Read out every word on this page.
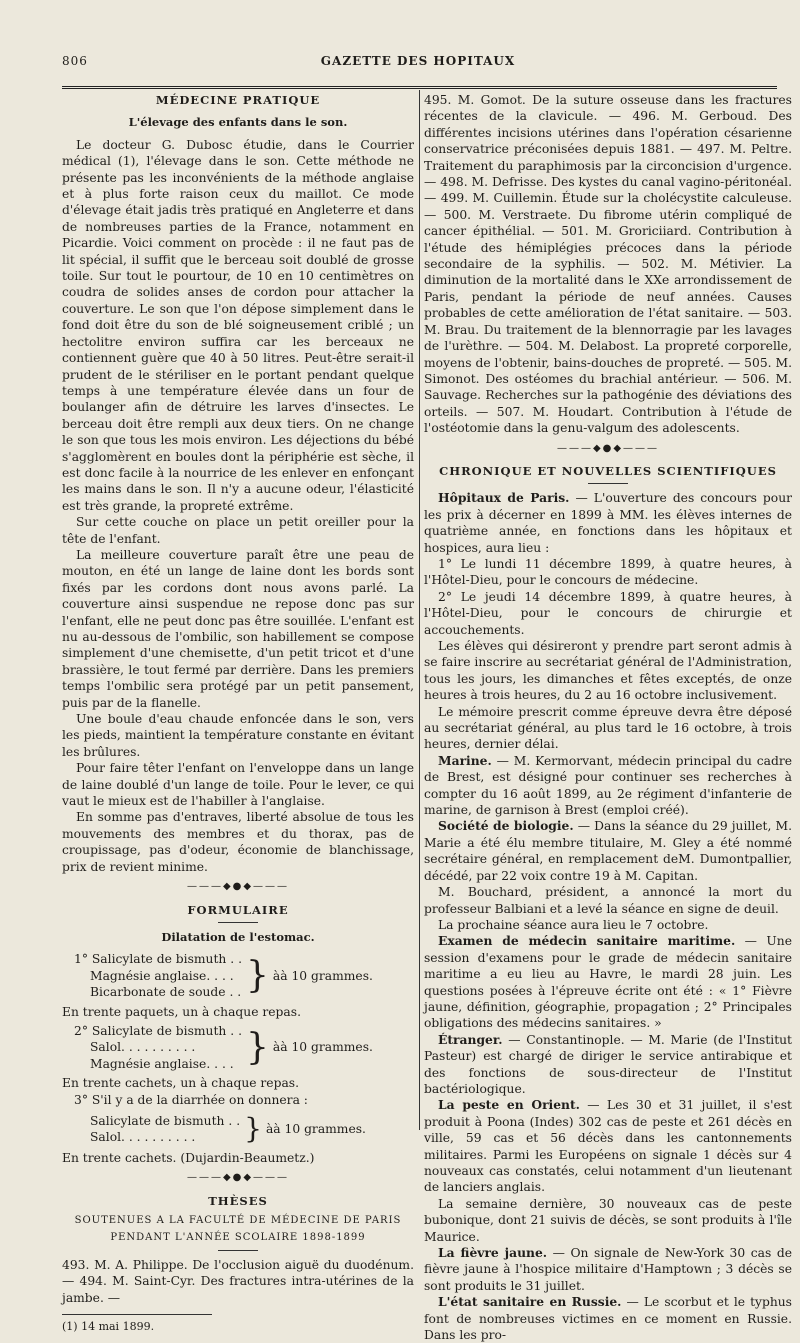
806	GAZETTE DES HOPITAUX
MÉDECINE PRATIQUE
L'élevage des enfants dans le son.

Le docteur G. Dubosc étudie, dans le Courrier médical (1), l'élevage dans le son. Cette méthode ne présente pas les inconvénients de la méthode anglaise et à plus forte raison ceux du maillot. Ce mode d'élevage était jadis très pratiqué en Angleterre et dans de nombreuses parties de la France, notamment en Picardie. Voici comment on procède : il ne faut pas de lit spécial, il suffit que le berceau soit doublé de grosse toile. Sur tout le pourtour, de 10 en 10 centimètres on coudra de solides anses de cordon pour attacher la couverture. Le son que l'on dépose simplement dans le fond doit être du son de blé soigneusement criblé ; un hectolitre environ suffira car les berceaux ne contiennent guère que 40 à 50 litres. Peut-être serait-il prudent de le stériliser en le portant pendant quelque temps à une température élevée dans un four de boulanger afin de détruire les larves d'insectes. Le berceau doit être rempli aux deux tiers. On ne change le son que tous les mois environ. Les déjections du bébé s'agglomèrent en boules dont la périphérie est sèche, il est donc facile à la nourrice de les enlever en enfonçant les mains dans le son. Il n'y a aucune odeur, l'élasticité est très grande, la propreté extrême.

Sur cette couche on place un petit oreiller pour la tête de l'enfant.

La meilleure couverture paraît être une peau de mouton, en été un lange de laine dont les bords sont fixés par les cordons dont nous avons parlé. La couverture ainsi suspendue ne repose donc pas sur l'enfant, elle ne peut donc pas être souillée. L'enfant est nu au-dessous de l'ombilic, son habillement se compose simplement d'une chemisette, d'un petit tricot et d'une brassière, le tout fermé par derrière. Dans les premiers temps l'ombilic sera protégé par un petit pansement, puis par de la flanelle.

Une boule d'eau chaude enfoncée dans le son, vers les pieds, maintient la température constante en évitant les brûlures.

Pour faire têter l'enfant on l'enveloppe dans un lange de laine doublé d'un lange de toile. Pour le lever, ce qui vaut le mieux est de l'habiller à l'anglaise.

En somme pas d'entraves, liberté absolue de tous les mouvements des membres et du thorax, pas de croupissage, pas d'odeur, économie de blanchissage, prix de revient minime.

———◆●◆———
FORMULAIRE
Dilatation de l'estomac.
1° Salicylate de bismuth . .
Magnésie anglaise. . . .
Bicarbonate de soude . . } àà 10 grammes.

En trente paquets, un à chaque repas.

2° Salicylate de bismuth . .
Salol. . . . . . . . . .
Magnésie anglaise. . . . } àà 10 grammes.

En trente cachets, un à chaque repas.

3° S'il y a de la diarrhée on donnera :

Salicylate de bismuth . .
Salol. . . . . . . . . .	} àà 10 grammes.

En trente cachets. (Dujardin-Beaumetz.)

———◆●◆———
THÈSES
SOUTENUES A LA FACULTÉ DE MÉDECINE DE PARIS
PENDANT L'ANNÉE SCOLAIRE 1898-1899

493. M. A. Philippe. De l'occlusion aiguë du duodénum. — 494. M. Saint-Cyr. Des fractures intra-utérines de la jambe. —

(1) 14 mai 1899.

495. M. Gomot. De la suture osseuse dans les fractures récentes de la clavicule. — 496. M. Gerboud. Des différentes incisions utérines dans l'opération césarienne conservatrice préconisées depuis 1881. — 497. M. Peltre. Traitement du paraphimosis par la circoncision d'urgence. — 498. M. Defrisse. Des kystes du canal vagino-péritonéal. — 499. M. Cuillemin. Étude sur la cholécystite calculeuse. — 500. M. Verstraete. Du fibrome utérin compliqué de cancer épithélial. — 501. M. Groriciiard. Contribution à l'étude des hémiplégies précoces dans la période secondaire de la syphilis. — 502. M. Métivier. La diminution de la mortalité dans le XXe arrondissement de Paris, pendant la période de neuf années. Causes probables de cette amélioration de l'état sanitaire. — 503. M. Brau. Du traitement de la blennorragie par les lavages de l'urèthre. — 504. M. Delabost. La propreté corporelle, moyens de l'obtenir, bains-douches de propreté. — 505. M. Simonot. Des ostéomes du brachial antérieur. — 506. M. Sauvage. Recherches sur la pathogénie des déviations des orteils. — 507. M. Houdart. Contribution à l'étude de l'ostéotomie dans la genu-valgum des adolescents.

———◆●◆———
CHRONIQUE ET NOUVELLES SCIENTIFIQUES

Hôpitaux de Paris. — L'ouverture des concours pour les prix à décerner en 1899 à MM. les élèves internes de quatrième année, en fonctions dans les hôpitaux et hospices, aura lieu :

1° Le lundi 11 décembre 1899, à quatre heures, à l'Hôtel-Dieu, pour le concours de médecine.

2° Le jeudi 14 décembre 1899, à quatre heures, à l'Hôtel-Dieu, pour le concours de chirurgie et accouchements.

Les élèves qui désireront y prendre part seront admis à se faire inscrire au secrétariat général de l'Administration, tous les jours, les dimanches et fêtes exceptés, de onze heures à trois heures, du 2 au 16 octobre inclusivement.

Le mémoire prescrit comme épreuve devra être déposé au secrétariat général, au plus tard le 16 octobre, à trois heures, dernier délai.

Marine. — M. Kermorvant, médecin principal du cadre de Brest, est désigné pour continuer ses recherches à compter du 16 août 1899, au 2e régiment d'infanterie de marine, de garnison à Brest (emploi créé).

Société de biologie. — Dans la séance du 29 juillet, M. Marie a été élu membre titulaire, M. Gley a été nommé secrétaire général, en remplacement deM. Dumontpallier, décédé, par 22 voix contre 19 à M. Capitan.

M. Bouchard, président, a annoncé la mort du professeur Balbiani et a levé la séance en signe de deuil.

La prochaine séance aura lieu le 7 octobre.

Examen de médecin sanitaire maritime. — Une session d'examens pour le grade de médecin sanitaire maritime a eu lieu au Havre, le mardi 28 juin. Les questions posées à l'épreuve écrite ont été : « 1° Fièvre jaune, définition, géographie, propagation ; 2° Principales obligations des médecins sanitaires. »

Étranger. — Constantinople. — M. Marie (de l'Institut Pasteur) est chargé de diriger le service antirabique et des fonctions de sous-directeur de l'Institut bactériologique.

La peste en Orient. — Les 30 et 31 juillet, il s'est produit à Poona (Indes) 302 cas de peste et 261 décès en ville, 59 cas et 56 décès dans les cantonnements militaires. Parmi les Européens on signale 1 décès sur 4 nouveaux cas constatés, celui notamment d'un lieutenant de lanciers anglais.

La semaine dernière, 30 nouveaux cas de peste bubonique, dont 21 suivis de décès, se sont produits à l'île Maurice.

La fièvre jaune. — On signale de New-York 30 cas de fièvre jaune à l'hospice militaire d'Hamptown ; 3 décès se sont produits le 31 juillet.

L'état sanitaire en Russie. — Le scorbut et le typhus font de nombreuses victimes en ce moment en Russie. Dans les pro-
